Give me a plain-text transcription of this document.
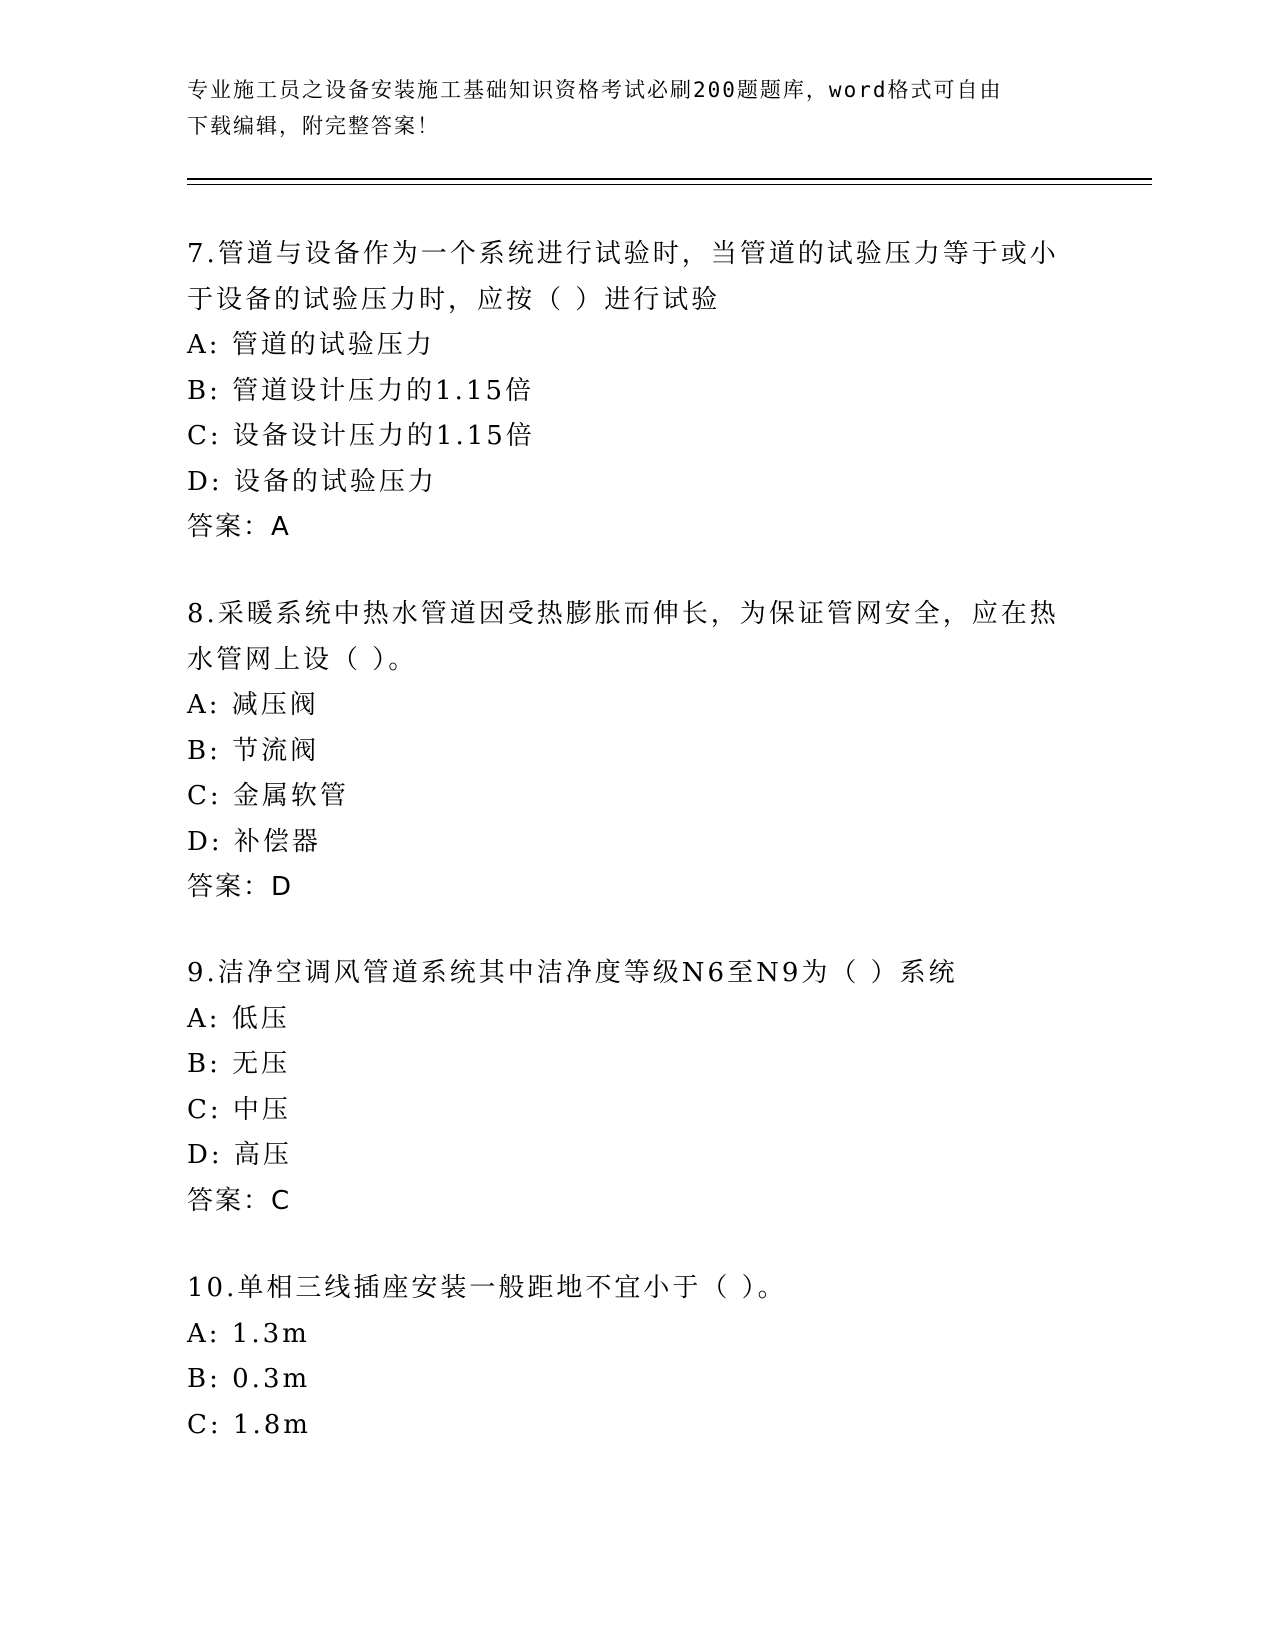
专业施工员之设备安装施工基础知识资格考试必刷200题题库，word格式可自由
下载编辑，附完整答案！
7.管道与设备作为一个系统进行试验时，当管道的试验压力等于或小
于设备的试验压力时，应按（ ）进行试验
A: 管道的试验压力
B: 管道设计压力的1.15倍
C: 设备设计压力的1.15倍
D: 设备的试验压力
答案：A
8.采暖系统中热水管道因受热膨胀而伸长，为保证管网安全，应在热
水管网上设（ ）。
A: 减压阀
B: 节流阀
C: 金属软管
D: 补偿器
答案：D
9.洁净空调风管道系统其中洁净度等级N6至N9为（ ）系统
A: 低压
B: 无压
C: 中压
D: 高压
答案：C
10.单相三线插座安装一般距地不宜小于（ ）。
A: 1.3m
B: 0.3m
C: 1.8m
